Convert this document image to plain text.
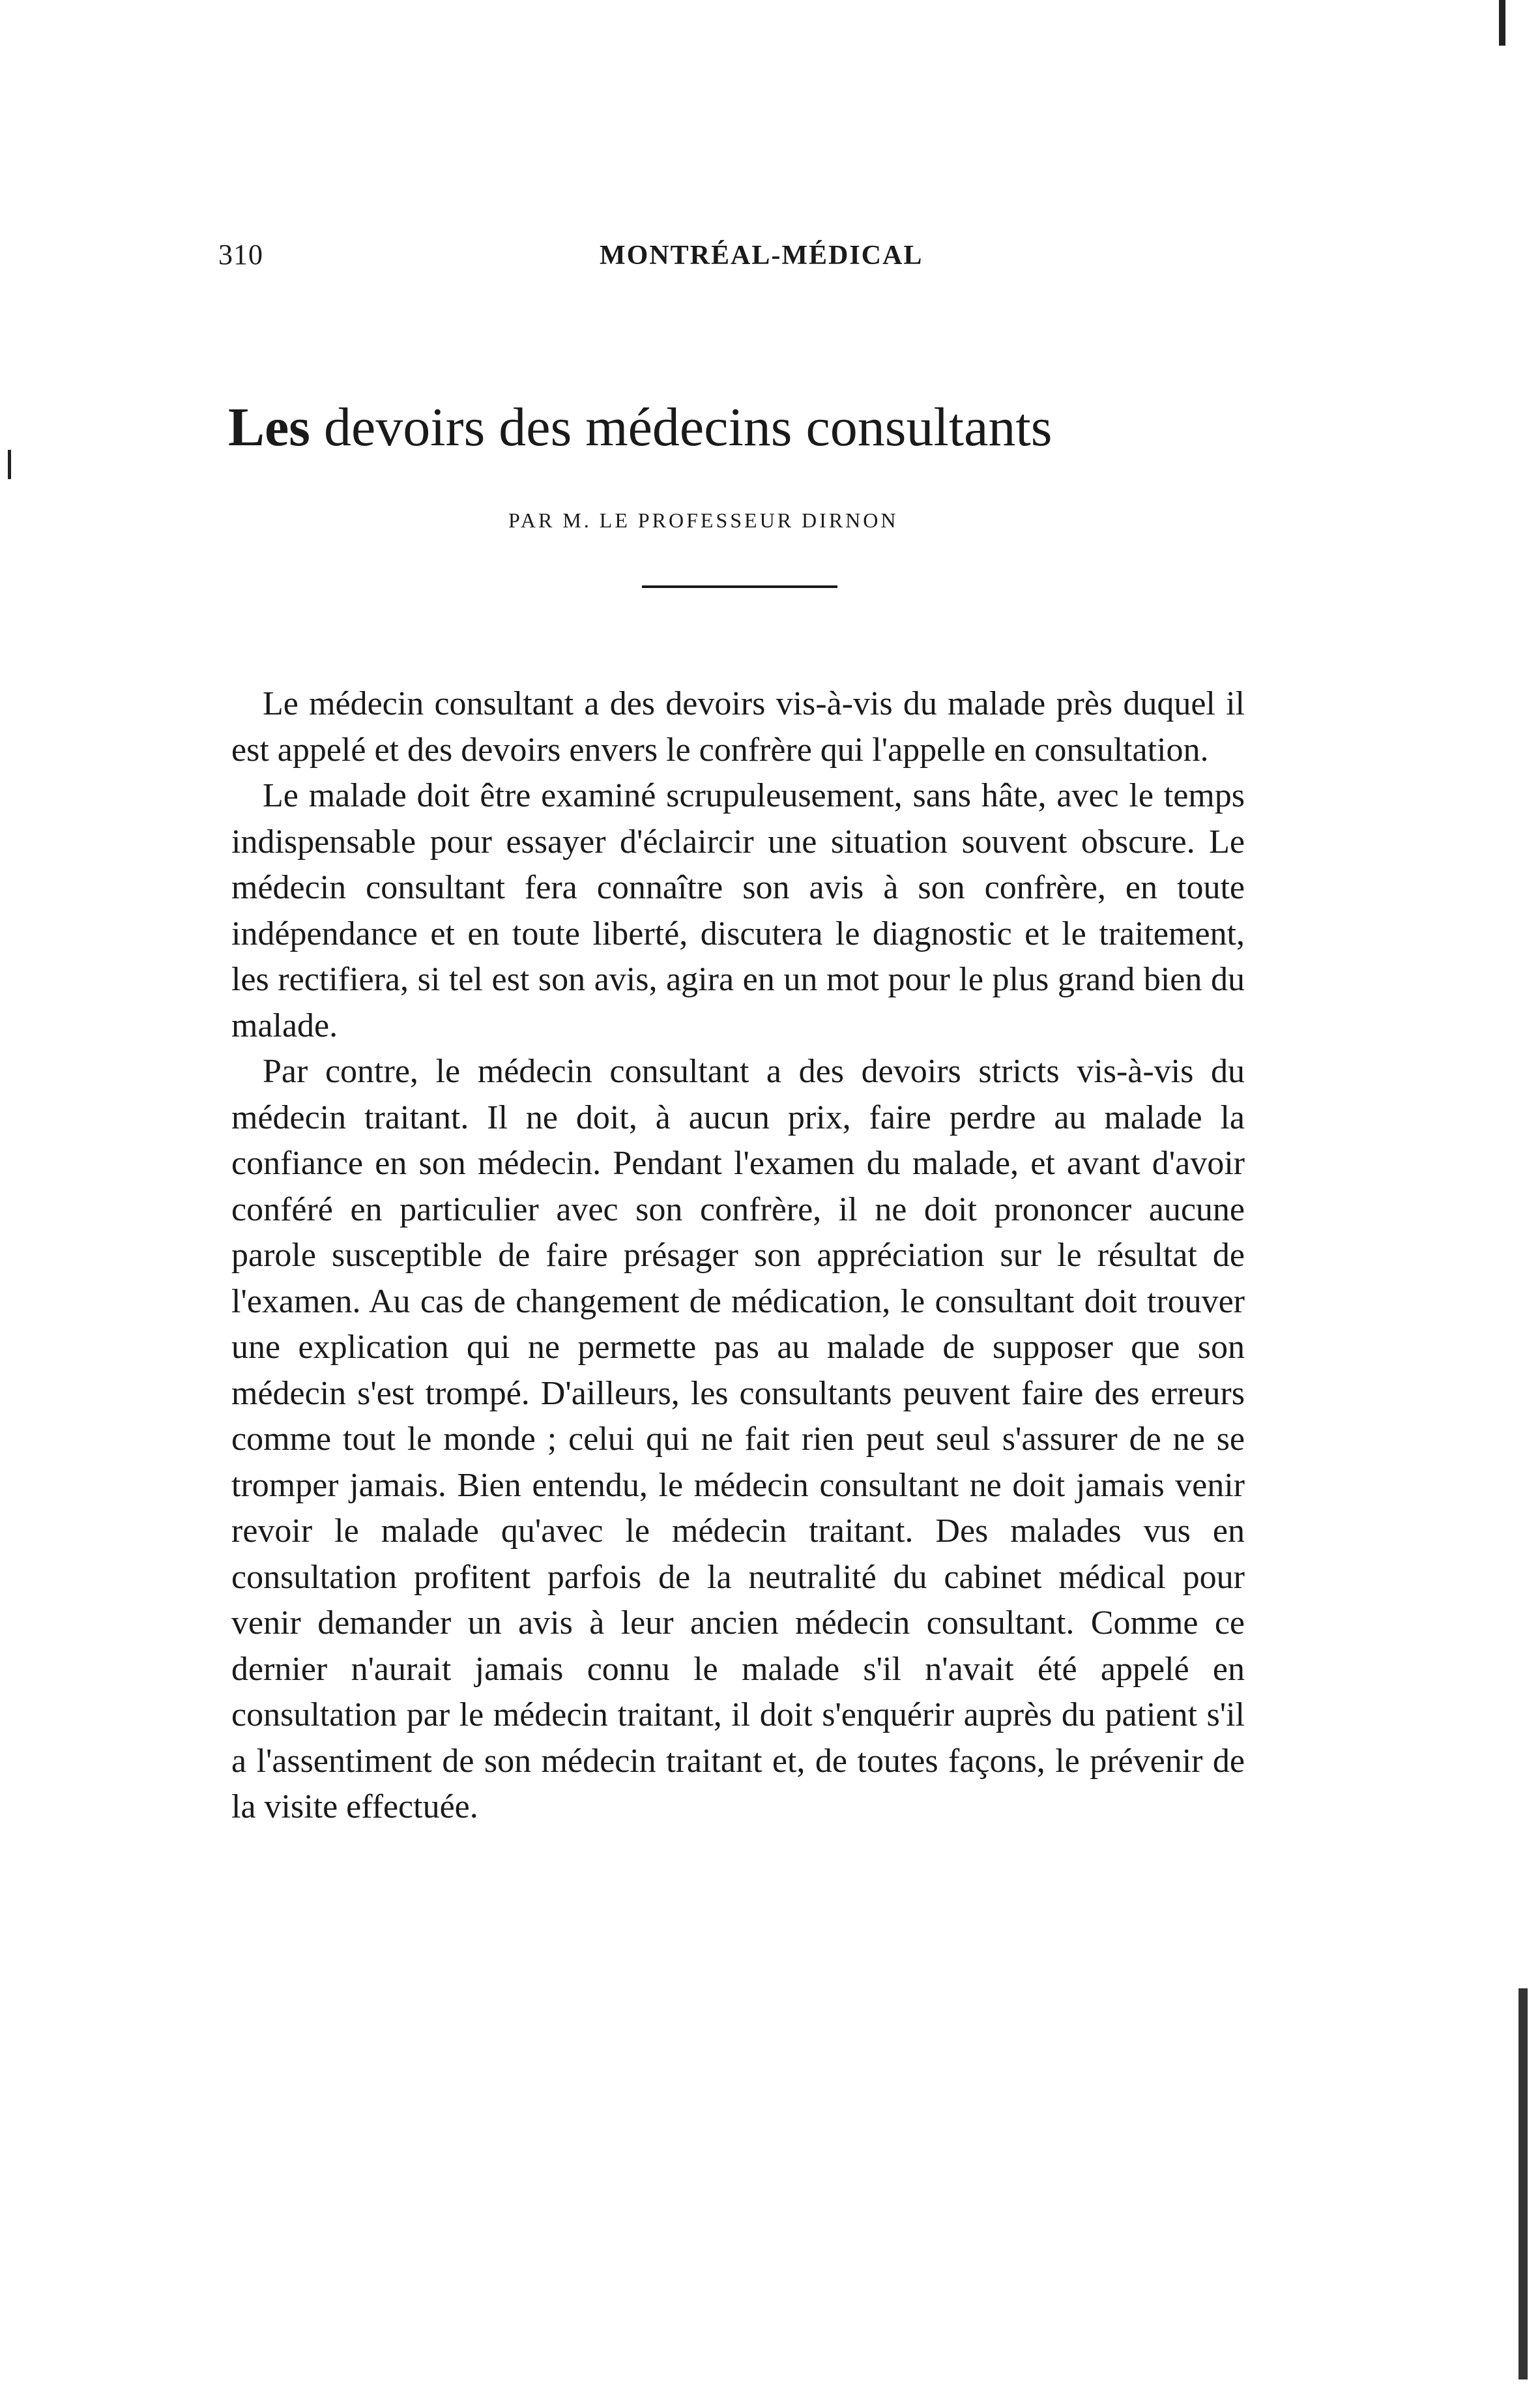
310	MONTRÉAL-MÉDICAL
Les devoirs des médecins consultants
PAR M. LE PROFESSEUR DIRNON

Le médecin consultant a des devoirs vis-à-vis du malade près duquel il est appelé et des devoirs envers le confrère qui l'appelle en consultation.

Le malade doit être examiné scrupuleusement, sans hâte, avec le temps indispensable pour essayer d'éclaircir une situation souvent obscure. Le médecin consultant fera connaître son avis à son confrère, en toute indépendance et en toute liberté, discutera le diagnostic et le traitement, les rectifiera, si tel est son avis, agira en un mot pour le plus grand bien du malade.

Par contre, le médecin consultant a des devoirs stricts vis-à-vis du médecin traitant. Il ne doit, à aucun prix, faire perdre au malade la confiance en son médecin. Pendant l'examen du malade, et avant d'avoir conféré en particulier avec son confrère, il ne doit prononcer aucune parole susceptible de faire présager son appréciation sur le résultat de l'examen. Au cas de changement de médication, le consultant doit trouver une explication qui ne permette pas au malade de supposer que son médecin s'est trompé. D'ailleurs, les consultants peuvent faire des erreurs comme tout le monde ; celui qui ne fait rien peut seul s'assurer de ne se tromper jamais. Bien entendu, le médecin consultant ne doit jamais venir revoir le malade qu'avec le médecin traitant. Des malades vus en consultation profitent parfois de la neutralité du cabinet médical pour venir demander un avis à leur ancien médecin consultant. Comme ce dernier n'aurait jamais connu le malade s'il n'avait été appelé en consultation par le médecin traitant, il doit s'enquérir auprès du patient s'il a l'assentiment de son médecin traitant et, de toutes façons, le prévenir de la visite effectuée.
